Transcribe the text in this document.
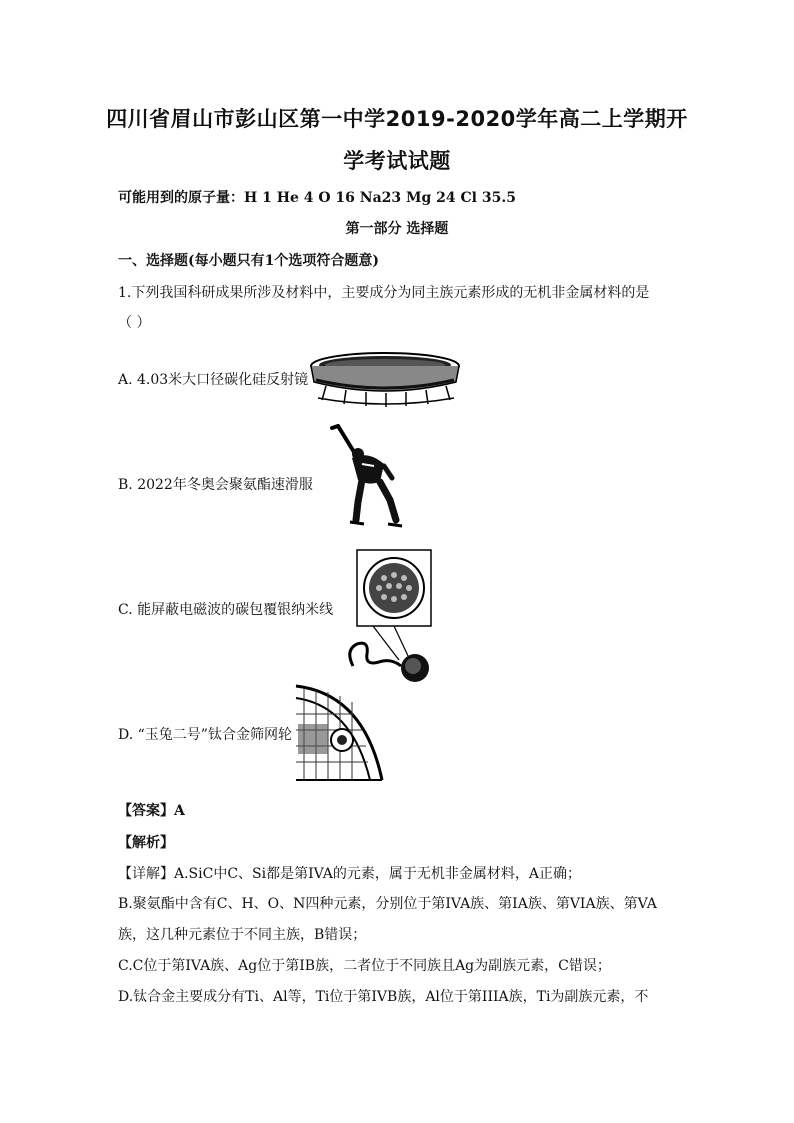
四川省眉山市彭山区第一中学2019-2020学年高二上学期开
学考试试题
可能用到的原子量：H 1 He 4 O 16 Na23 Mg 24 Cl 35.5
第一部分 选择题
一、选择题(每小题只有1个选项符合题意)
1.下列我国科研成果所涉及材料中，主要成分为同主族元素形成的无机非金属材料的是
（ ）
A. 4.03米大口径碳化硅反射镜
B. 2022年冬奥会聚氨酯速滑服
C. 能屏蔽电磁波的碳包覆银纳米线
D. “玉兔二号”钛合金筛网轮
【答案】A
【解析】
【详解】A.SiC中C、Si都是第IVA的元素，属于无机非金属材料，A正确；
B.聚氨酯中含有C、H、O、N四种元素，分别位于第IVA族、第IA族、第VIA族、第VA
族，这几种元素位于不同主族，B错误；
C.C位于第IVA族、Ag位于第IB族，二者位于不同族且Ag为副族元素，C错误；
D.钛合金主要成分有Ti、Al等，Ti位于第IVB族，Al位于第IIIA族，Ti为副族元素，不
